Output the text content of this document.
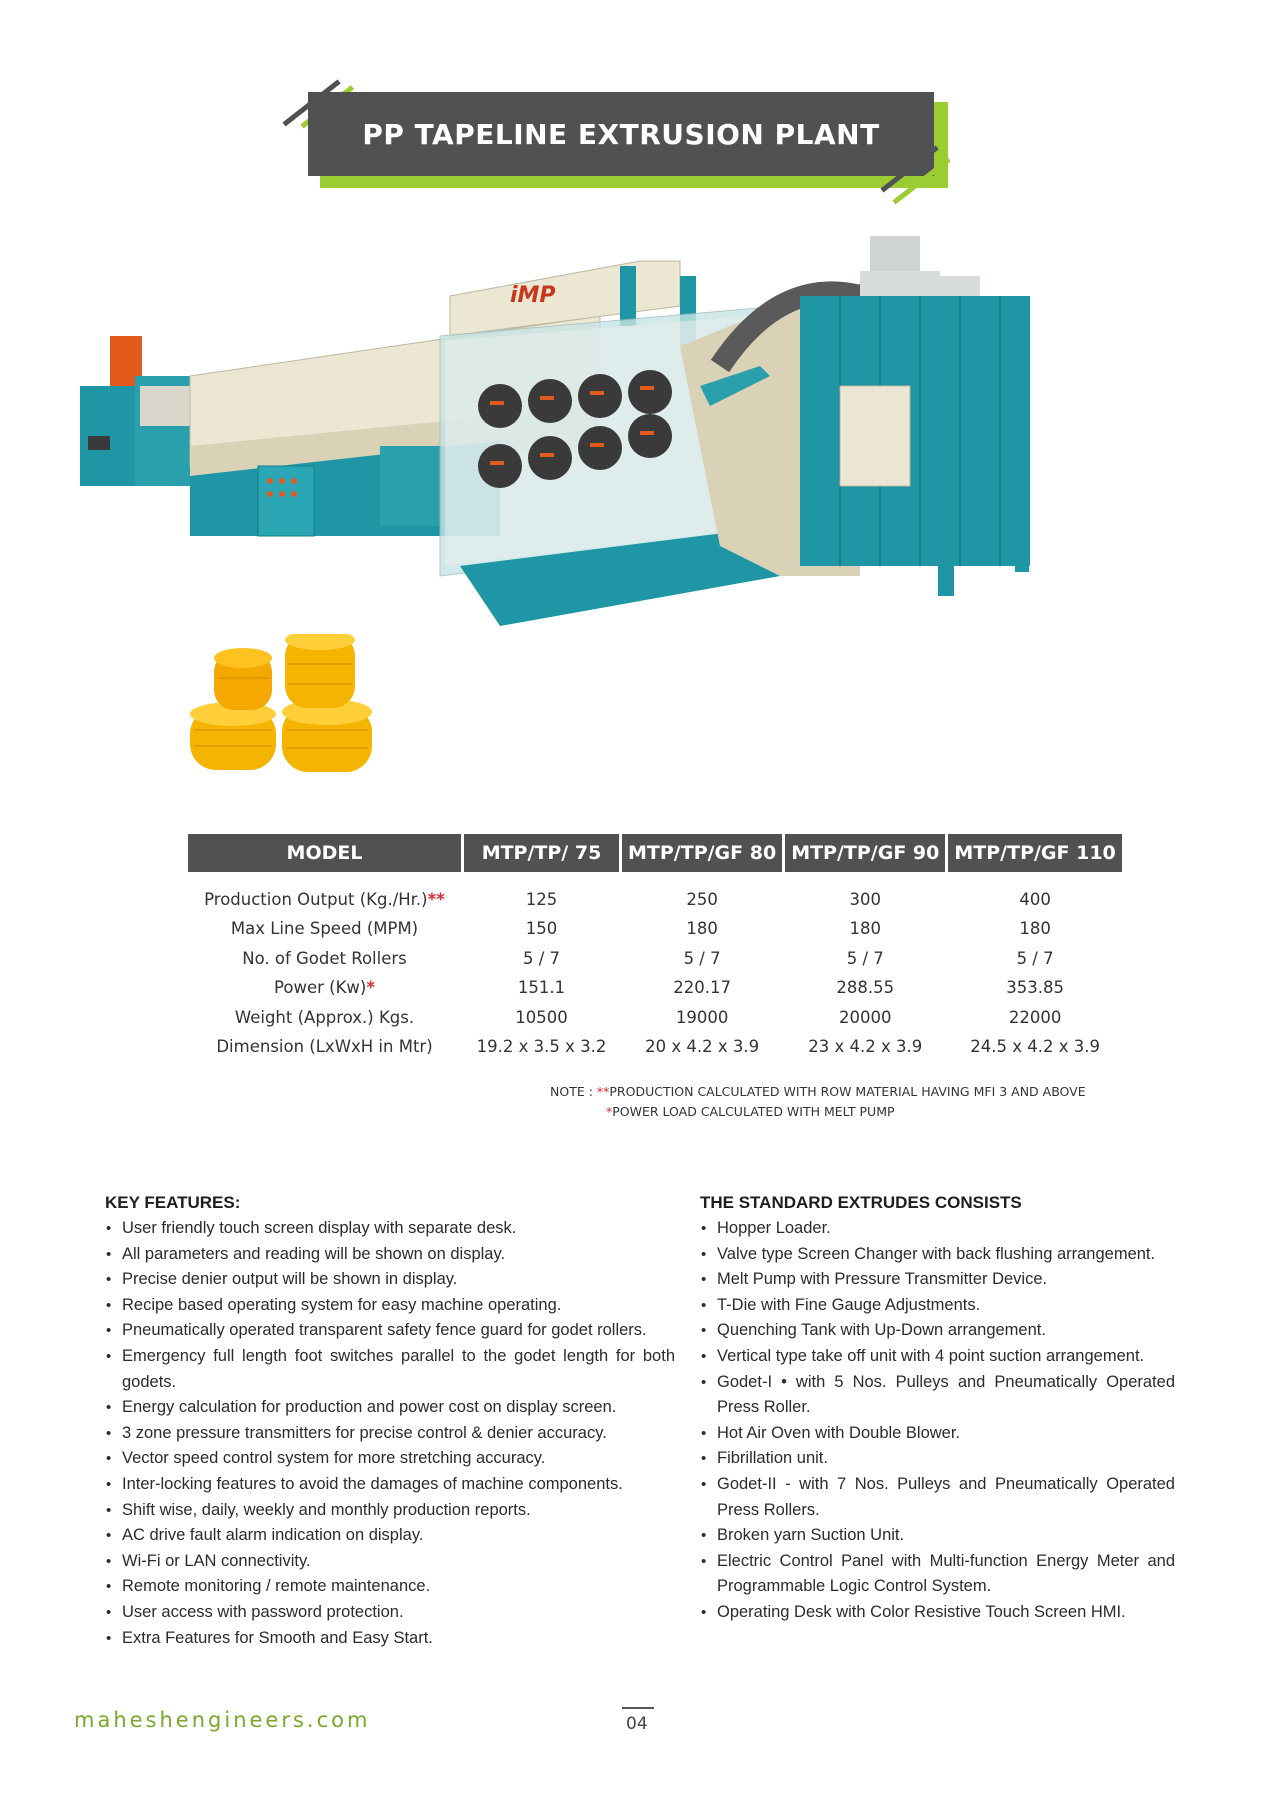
PP TAPELINE EXTRUSION PLANT
iMP
MODEL	MTP/TP/ 75	MTP/TP/GF 80	MTP/TP/GF 90	MTP/TP/GF 110
Production Output (Kg./Hr.)**	125	250	300	400
Max Line Speed (MPM)	150	180	180	180
No. of Godet Rollers	5 / 7	5 / 7	5 / 7	5 / 7
Power (Kw)*	151.1	220.17	288.55	353.85
Weight (Approx.) Kgs.	10500	19000	20000	22000
Dimension (LxWxH in Mtr)	19.2 x 3.5 x 3.2	20 x 4.2 x 3.9	23 x 4.2 x 3.9	24.5 x 4.2 x 3.9
NOTE : **PRODUCTION CALCULATED WITH ROW MATERIAL HAVING MFI 3 AND ABOVE
*POWER LOAD CALCULATED WITH MELT PUMP
KEY FEATURES:
• User friendly touch screen display with separate desk.
• All parameters and reading will be shown on display.
• Precise denier output will be shown in display.
• Recipe based operating system for easy machine operating.
• Pneumatically operated transparent safety fence guard for godet rollers.
• Emergency full length foot switches parallel to the godet length for both godets.
• Energy calculation for production and power cost on display screen.
• 3 zone pressure transmitters for precise control & denier accuracy.
• Vector speed control system for more stretching accuracy.
• Inter-locking features to avoid the damages of machine components.
• Shift wise, daily, weekly and monthly production reports.
• AC drive fault alarm indication on display.
• Wi-Fi or LAN connectivity.
• Remote monitoring / remote maintenance.
• User access with password protection.
• Extra Features for Smooth and Easy Start.
THE STANDARD EXTRUDES CONSISTS
• Hopper Loader.
• Valve type Screen Changer with back flushing arrangement.
• Melt Pump with Pressure Transmitter Device.
• T-Die with Fine Gauge Adjustments.
• Quenching Tank with Up-Down arrangement.
• Vertical type take off unit with 4 point suction arrangement.
• Godet-I • with 5 Nos. Pulleys and Pneumatically Operated Press Roller.
• Hot Air Oven with Double Blower.
• Fibrillation unit.
• Godet-II - with 7 Nos. Pulleys and Pneumatically Operated Press Rollers.
• Broken yarn Suction Unit.
• Electric Control Panel with Multi-function Energy Meter and Programmable Logic Control System.
• Operating Desk with Color Resistive Touch Screen HMI.
maheshengineers.com	04
